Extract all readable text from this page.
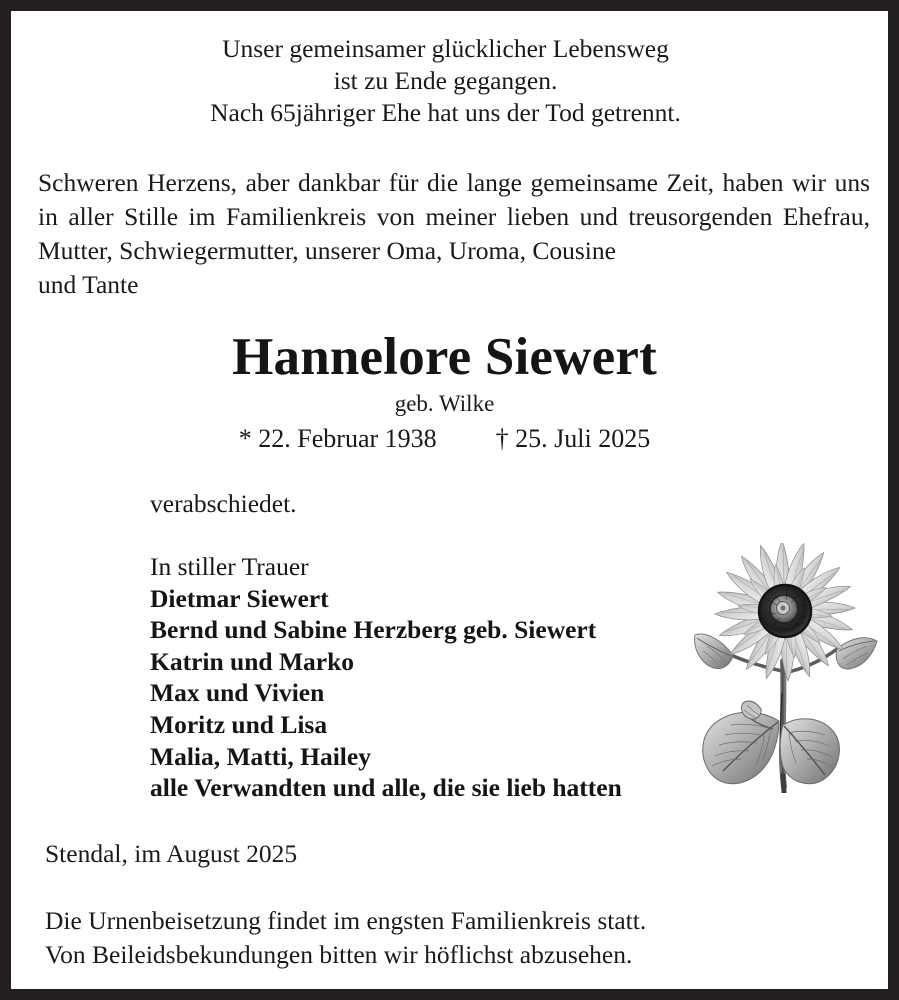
Unser gemeinsamer glücklicher Lebensweg
ist zu Ende gegangen.
Nach 65jähriger Ehe hat uns der Tod getrennt.
Schweren Herzens, aber dankbar für die lange gemeinsame Zeit, haben wir uns in aller Stille im Familienkreis von meiner lieben und treusorgenden Ehefrau, Mutter, Schwiegermutter, unserer Oma, Uroma, Cousine
und Tante
Hannelore Siewert
geb. Wilke
* 22. Februar 1938 † 25. Juli 2025
verabschiedet.
In stiller Trauer
Dietmar Siewert
Bernd und Sabine Herzberg geb. Siewert
Katrin und Marko
Max und Vivien
Moritz und Lisa
Malia, Matti, Hailey
alle Verwandten und alle, die sie lieb hatten
Stendal, im August 2025
Die Urnenbeisetzung findet im engsten Familienkreis statt.
Von Beileidsbekundungen bitten wir höflichst abzusehen.
